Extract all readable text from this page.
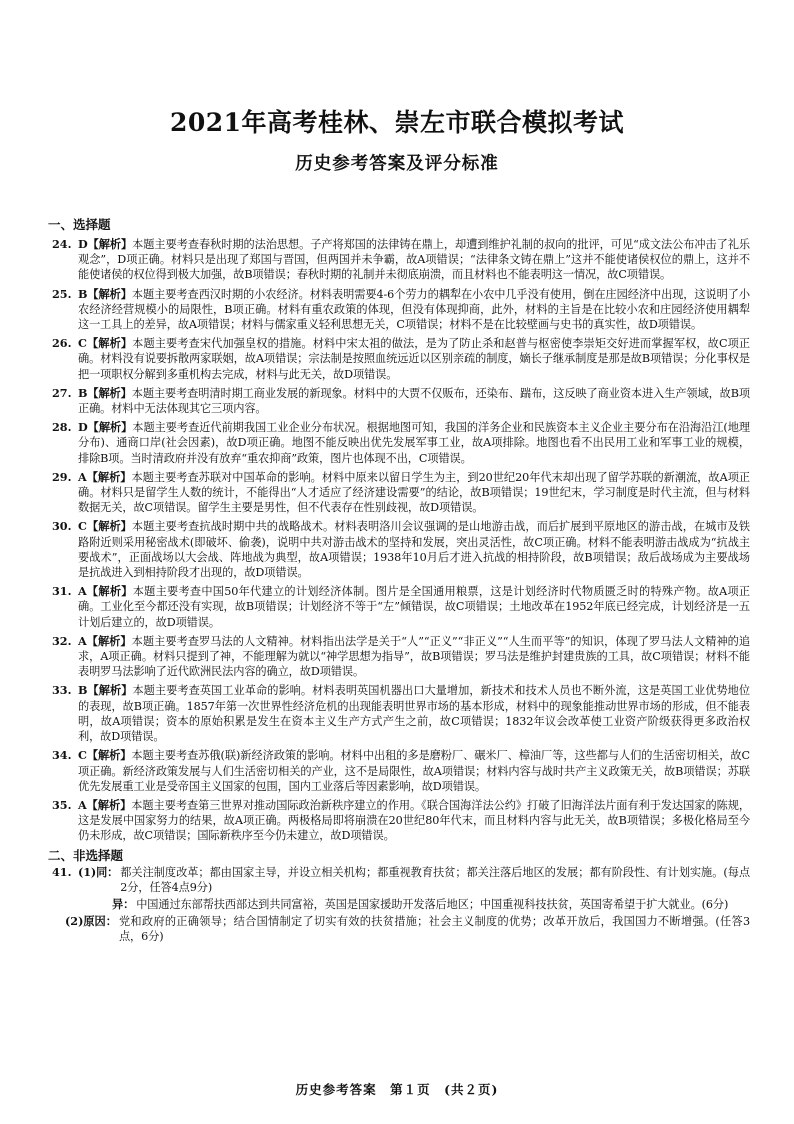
2021年高考桂林、崇左市联合模拟考试
历史参考答案及评分标准
一、选择题
24. D【解析】本题主要考查春秋时期的法治思想。子产将郑国的法律铸在鼎上，却遭到维护礼制的叔向的批评，可见“成文法公布冲击了礼乐观念”，D项正确。材料只是出现了郑国与晋国，但两国并未争霸，故A项错误；“法律条文铸在鼎上”这并不能使诸侯权位的鼎上，这并不能使诸侯的权位得到极大加强，故B项错误；春秋时期的礼制并未彻底崩溃，而且材料也不能表明这一情况，故C项错误。
25. B【解析】本题主要考查西汉时期的小农经济。材料表明需要4-6个劳力的耦犁在小农中几乎没有使用，倒在庄园经济中出现，这说明了小农经济经营规模小的局限性，B项正确。材料有重农政策的体现，但没有体现抑商，此外，材料的主旨是在比较小农和庄园经济使用耦犁这一工具上的差异，故A项错误；材料与儒家重义轻利思想无关，C项错误；材料不是在比较壁画与史书的真实性，故D项错误。
26. C【解析】本题主要考查宋代加强皇权的措施。材料中宋太祖的做法，是为了防止杀和赵普与枢密使李崇矩交好进而掌握军权，故C项正确。材料没有说要拆散两家联姻，故A项错误；宗法制是按照血统远近以区别亲疏的制度，嫡长子继承制度是那是故B项错误；分化事权是把一项职权分解到多重机构去完成，材料与此无关，故D项错误。
27. B【解析】本题主要考查明清时期工商业发展的新现象。材料中的大贾不仅贩布，还染布、踹布，这反映了商业资本进入生产领域，故B项正确。材料中无法体现其它三项内容。
28. D【解析】本题主要考查近代前期我国工业企业分布状况。根据地图可知，我国的洋务企业和民族资本主义企业主要分布在沿海沿江(地理分布)、通商口岸(社会因素)，故D项正确。地图不能反映出优先发展军事工业，故A项排除。地图也看不出民用工业和军事工业的规模，排除B项。当时清政府并没有放弃“重农抑商”政策，图片也体现不出，C项错误。
29. A【解析】本题主要考查苏联对中国革命的影响。材料中原来以留日学生为主，到20世纪20年代末却出现了留学苏联的新潮流，故A项正确。材料只是留学生人数的统计，不能得出“人才适应了经济建设需要”的结论，故B项错误；19世纪末，学习制度是时代主流，但与材料数据无关，故C项错误。留学生主要是男性，但不代表存在性别歧视，故D项错误。
30. C【解析】本题主要考查抗战时期中共的战略战术。材料表明洛川会议强调的是山地游击战，而后扩展到平原地区的游击战，在城市及铁路附近则采用秘密战术(即破坏、偷袭)，说明中共对游击战术的坚持和发展，突出灵活性，故C项正确。材料不能表明游击战成为“抗战主要战术”，正面战场以大会战、阵地战为典型，故A项错误；1938年10月后才进入抗战的相持阶段，故B项错误；敌后战场成为主要战场是抗战进入到相持阶段才出现的，故D项错误。
31. A【解析】本题主要考查中国50年代建立的计划经济体制。图片是全国通用粮票，这是计划经济时代物质匮乏时的特殊产物。故A项正确。工业化至今都还没有实现，故B项错误；计划经济不等于“左”倾错误，故C项错误；土地改革在1952年底已经完成，计划经济是一五计划后建立的，故D项错误。
32. A【解析】本题主要考查罗马法的人文精神。材料指出法学是关于“人”“正义”“非正义”“人生而平等”的知识，体现了罗马法人文精神的追求，A项正确。材料只提到了神，不能理解为就以“神学思想为指导”，故B项错误；罗马法是维护封建贵族的工具，故C项错误；材料不能表明罗马法影响了近代欧洲民法内容的确立，故D项错误。
33. B【解析】本题主要考查英国工业革命的影响。材料表明英国机器出口大量增加，新技术和技术人员也不断外流，这是英国工业优势地位的表现，故B项正确。1857年第一次世界性经济危机的出现能表明世界市场的基本形成，材料中的现象能推动世界市场的形成，但不能表明，故A项错误；资本的原始积累是发生在资本主义生产方式产生之前，故C项错误；1832年议会改革使工业资产阶级获得更多政治权利，故D项错误。
34. C【解析】本题主要考查苏俄(联)新经济政策的影响。材料中出租的多是磨粉厂、碾米厂、樟油厂等，这些都与人们的生活密切相关，故C项正确。新经济政策发展与人们生活密切相关的产业，这不是局限性，故A项错误；材料内容与战时共产主义政策无关，故B项错误；苏联优先发展重工业是受帝国主义国家的包围，国内工业落后等因素影响，故D项错误。
35. A【解析】本题主要考查第三世界对推动国际政治新秩序建立的作用。《联合国海洋法公约》打破了旧海洋法片面有利于发达国家的陈规，这是发展中国家努力的结果，故A项正确。两极格局即将崩溃在20世纪80年代末，而且材料内容与此无关，故B项错误；多极化格局至今仍未形成，故C项错误；国际新秩序至今仍未建立，故D项错误。
二、非选择题
41. (1)同： 都关注制度改革；都由国家主导，并设立相关机构；都重视教育扶贫；都关注落后地区的发展；都有阶段性、有计划实施。(每点2分，任答4点9分)
异： 中国通过东部帮扶西部达到共同富裕，英国是国家援助开发落后地区；中国重视科技扶贫，英国寄希望于扩大就业。(6分)
(2)原因： 党和政府的正确领导；结合国情制定了切实有效的扶贫措施；社会主义制度的优势；改革开放后，我国国力不断增强。(任答3点，6分)
历史参考答案　第１页　(共２页)
